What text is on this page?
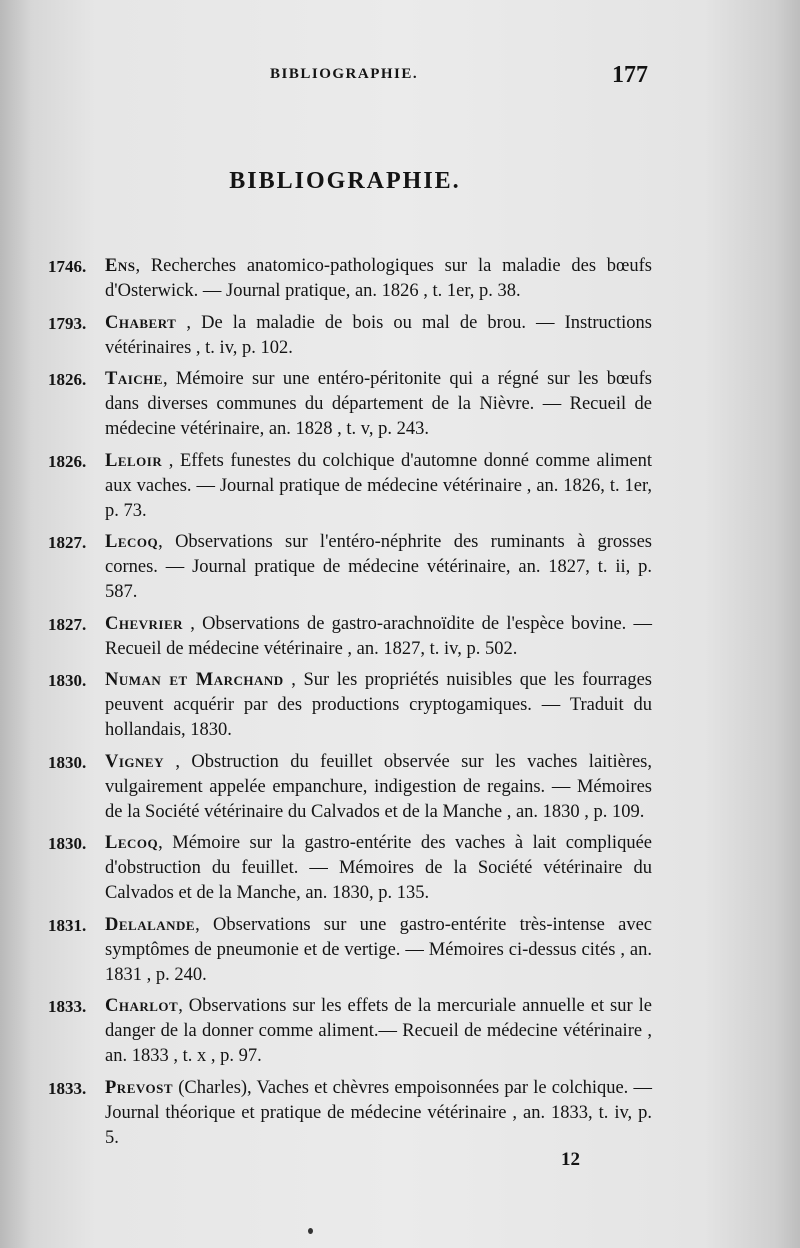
BIBLIOGRAPHIE.	177
BIBLIOGRAPHIE.
1746. Ens, Recherches anatomico-pathologiques sur la maladie des bœufs d'Osterwick. — Journal pratique, an. 1826 , t. 1er, p. 38.
1793. Chabert , De la maladie de bois ou mal de brou. — Instructions vétérinaires , t. iv, p. 102.
1826. Taiche, Mémoire sur une entéro-péritonite qui a régné sur les bœufs dans diverses communes du département de la Nièvre. — Recueil de médecine vétérinaire, an. 1828 , t. v, p. 243.
1826. Leloir , Effets funestes du colchique d'automne donné comme aliment aux vaches. — Journal pratique de médecine vétérinaire , an. 1826, t. 1er, p. 73.
1827. Lecoq, Observations sur l'entéro-néphrite des ruminants à grosses cornes. — Journal pratique de médecine vétérinaire, an. 1827, t. ii, p. 587.
1827. Chevrier , Observations de gastro-arachnoïdite de l'espèce bovine. — Recueil de médecine vétérinaire , an. 1827, t. iv, p. 502.
1830. Numan et Marchand , Sur les propriétés nuisibles que les fourrages peuvent acquérir par des productions cryptogamiques. — Traduit du hollandais, 1830.
1830. Vigney , Obstruction du feuillet observée sur les vaches laitières, vulgairement appelée empanchure, indigestion de regains. — Mémoires de la Société vétérinaire du Calvados et de la Manche , an. 1830 , p. 109.
1830. Lecoq, Mémoire sur la gastro-entérite des vaches à lait compliquée d'obstruction du feuillet. — Mémoires de la Société vétérinaire du Calvados et de la Manche, an. 1830, p. 135.
1831. Delalande, Observations sur une gastro-entérite très-intense avec symptômes de pneumonie et de vertige. — Mémoires ci-dessus cités , an. 1831 , p. 240.
1833. Charlot, Observations sur les effets de la mercuriale annuelle et sur le danger de la donner comme aliment.— Recueil de médecine vétérinaire , an. 1833 , t. x , p. 97.
1833. Prevost (Charles), Vaches et chèvres empoisonnées par le colchique. — Journal théorique et pratique de médecine vétérinaire , an. 1833, t. iv, p. 5.
12
